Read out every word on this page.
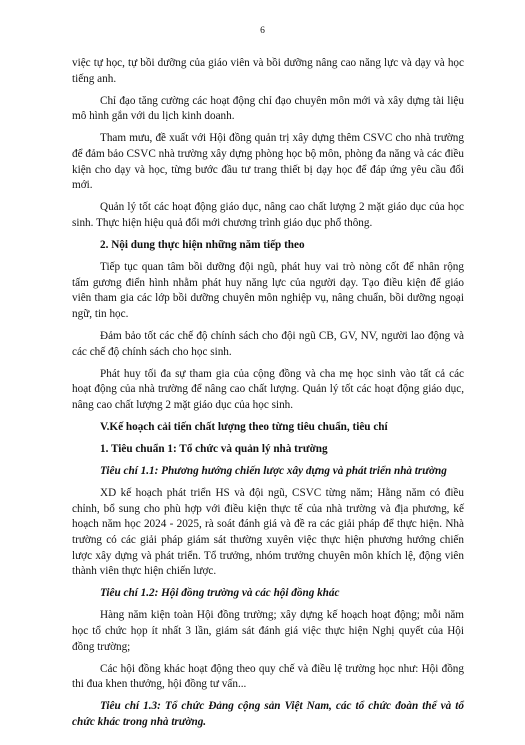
6

việc tự học, tự bồi dưỡng của giáo viên và bồi dưỡng nâng cao năng lực và dạy và học tiếng anh.

Chỉ đạo tăng cường các hoạt động chỉ đạo chuyên môn mới và xây dựng tài liệu mô hình gắn với du lịch kinh doanh.

Tham mưu, đề xuất với Hội đồng quản trị xây dựng thêm CSVC cho nhà trường để đảm bảo CSVC nhà trường xây dựng phòng học bộ môn, phòng đa năng và các điều kiện cho dạy và học, từng bước đầu tư trang thiết bị dạy học để đáp ứng yêu cầu đổi mới.

Quản lý tốt các hoạt động giáo dục, nâng cao chất lượng 2 mặt giáo dục của học sinh. Thực hiện hiệu quả đổi mới chương trình giáo dục phổ thông.

2. Nội dung thực hiện những năm tiếp theo

Tiếp tục quan tâm bồi dưỡng đội ngũ, phát huy vai trò nòng cốt để nhân rộng tấm gương điển hình nhằm phát huy năng lực của người dạy. Tạo điều kiện để giáo viên tham gia các lớp bồi dưỡng chuyên môn nghiệp vụ, nâng chuẩn, bồi dưỡng ngoại ngữ, tin học.

Đảm bảo tốt các chế độ chính sách cho đội ngũ CB, GV, NV, người lao động và các chế độ chính sách cho học sinh.

Phát huy tối đa sự tham gia của cộng đồng và cha mẹ học sinh vào tất cả các hoạt động của nhà trường để nâng cao chất lượng. Quản lý tốt các hoạt động giáo dục, nâng cao chất lượng 2 mặt giáo dục của học sinh.

V.Kế hoạch cải tiến chất lượng theo từng tiêu chuẩn, tiêu chí

1. Tiêu chuẩn 1: Tổ chức và quản lý nhà trường

Tiêu chí 1.1: Phương hướng chiến lược xây dựng và phát triển nhà trường

XD kế hoạch phát triển HS và đội ngũ, CSVC từng năm; Hằng năm có điều chỉnh, bổ sung cho phù hợp với điều kiện thực tế của nhà trường và địa phương, kế hoạch năm học 2024 - 2025, rà soát đánh giá và đề ra các giải pháp để thực hiện. Nhà trường có các giải pháp giám sát thường xuyên việc thực hiện phương hướng chiến lược xây dựng và phát triển. Tổ trưởng, nhóm trưởng chuyên môn khích lệ, động viên thành viên thực hiện chiến lược.

Tiêu chí 1.2: Hội đồng trường và các hội đồng khác

Hàng năm kiện toàn Hội đồng trường; xây dựng kế hoạch hoạt động; mỗi năm học tổ chức họp ít nhất 3 lần, giám sát đánh giá việc thực hiện Nghị quyết của Hội đồng trường;

Các hội đồng khác hoạt động theo quy chế và điều lệ trường học như: Hội đồng thi đua khen thưởng, hội đồng tư vấn...

Tiêu chí 1.3: Tổ chức Đảng cộng sản Việt Nam, các tổ chức đoàn thể và tổ chức khác trong nhà trường.
